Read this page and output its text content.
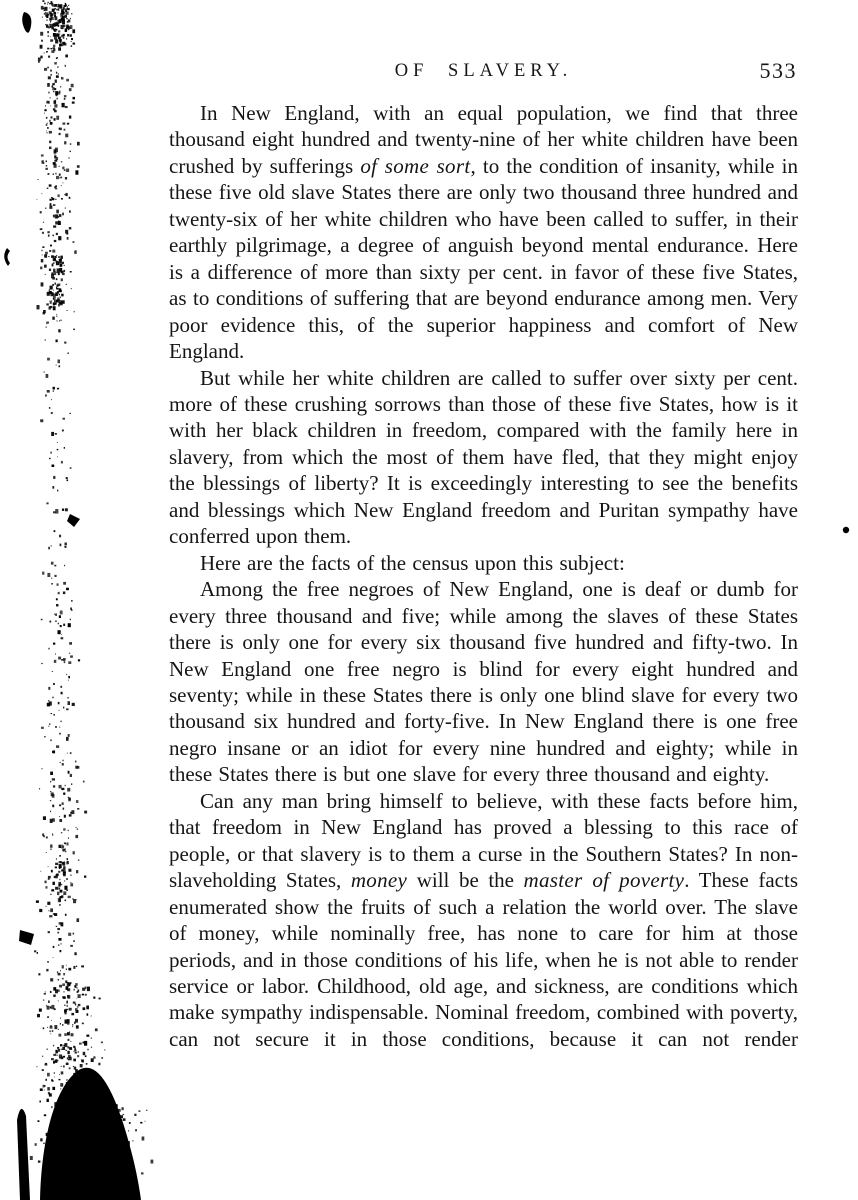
OF SLAVERY.	533

In New England, with an equal population, we find that three thousand eight hundred and twenty-nine of her white children have been crushed by sufferings of some sort, to the condition of insanity, while in these five old slave States there are only two thousand three hundred and twenty-six of her white children who have been called to suffer, in their earthly pilgrimage, a degree of anguish beyond mental endurance. Here is a difference of more than sixty per cent. in favor of these five States, as to conditions of suffering that are beyond endurance among men. Very poor evidence this, of the superior happiness and comfort of New England.

But while her white children are called to suffer over sixty per cent. more of these crushing sorrows than those of these five States, how is it with her black children in freedom, compared with the family here in slavery, from which the most of them have fled, that they might enjoy the blessings of liberty? It is exceedingly interesting to see the benefits and blessings which New England freedom and Puritan sympathy have conferred upon them.

Here are the facts of the census upon this subject:

Among the free negroes of New England, one is deaf or dumb for every three thousand and five; while among the slaves of these States there is only one for every six thousand five hundred and fifty-two. In New England one free negro is blind for every eight hundred and seventy; while in these States there is only one blind slave for every two thousand six hundred and forty-five. In New England there is one free negro insane or an idiot for every nine hundred and eighty; while in these States there is but one slave for every three thousand and eighty.

Can any man bring himself to believe, with these facts before him, that freedom in New England has proved a blessing to this race of people, or that slavery is to them a curse in the Southern States? In non-slaveholding States, money will be the master of poverty. These facts enumerated show the fruits of such a relation the world over. The slave of money, while nominally free, has none to care for him at those periods, and in those conditions of his life, when he is not able to render service or labor. Childhood, old age, and sickness, are conditions which make sympathy indispensable. Nominal freedom, combined with poverty, can not secure it in those conditions, because it can not render
